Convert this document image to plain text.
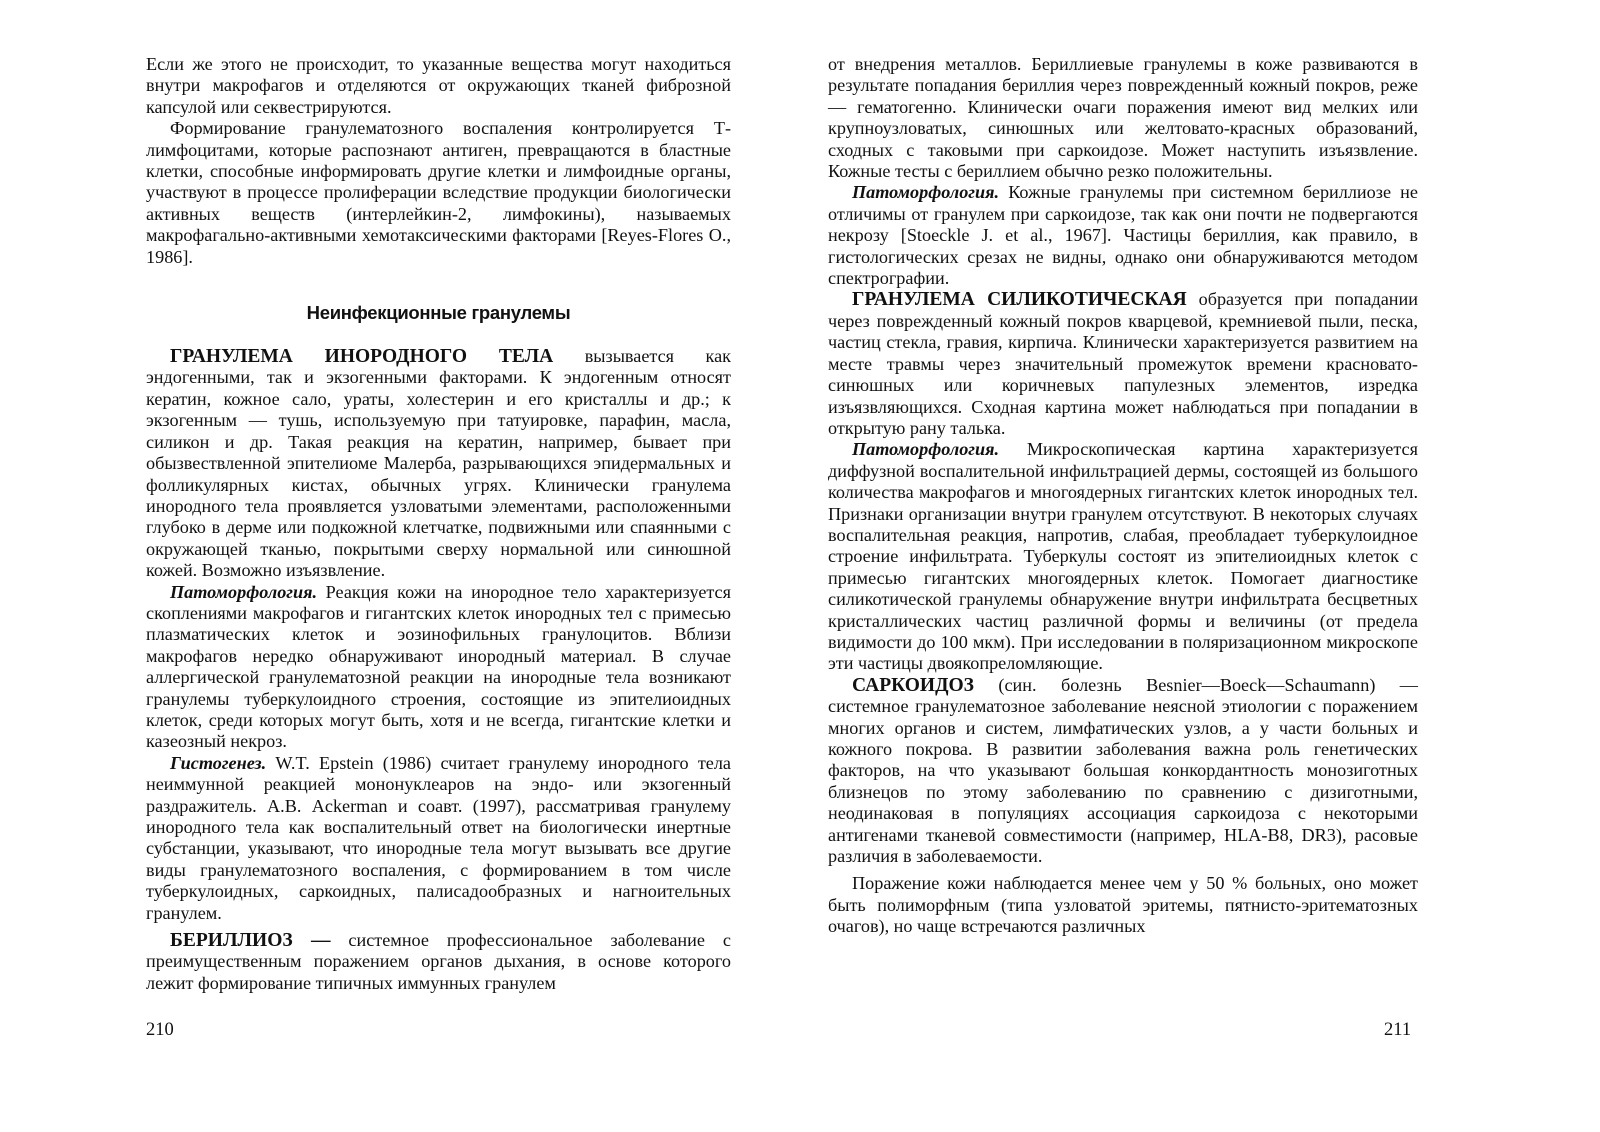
Если же этого не происходит, то указанные вещества могут находиться внутри макрофагов и отделяются от окружающих тканей фиброзной капсулой или секвестрируются.

Формирование гранулематозного воспаления контролируется Т-лимфоцитами, которые распознают антиген, превращаются в бластные клетки, способные информировать другие клетки и лимфоидные органы, участвуют в процессе пролиферации вследствие продукции биологически активных веществ (интерлейкин-2, лимфокины), называемых макрофагально-активными хемотаксическими факторами [Reyes-Flores О., 1986].

Неинфекционные гранулемы

ГРАНУЛЕМА ИНОРОДНОГО ТЕЛА вызывается как эндогенными, так и экзогенными факторами. К эндогенным относят кератин, кожное сало, ураты, холестерин и его кристаллы и др.; к экзогенным — тушь, используемую при татуировке, парафин, масла, силикон и др. Такая реакция на кератин, например, бывает при обызвествленной эпителиоме Малерба, разрывающихся эпидермальных и фолликулярных кистах, обычных угрях. Клинически гранулема инородного тела проявляется узловатыми элементами, расположенными глубоко в дерме или подкожной клетчатке, подвижными или спаянными с окружающей тканью, покрытыми сверху нормальной или синюшной кожей. Возможно изъязвление.

Патоморфология. Реакция кожи на инородное тело характеризуется скоплениями макрофагов и гигантских клеток инородных тел с примесью плазматических клеток и эозинофильных гранулоцитов. Вблизи макрофагов нередко обнаруживают инородный материал. В случае аллергической гранулематозной реакции на инородные тела возникают гранулемы туберкулоидного строения, состоящие из эпителиоидных клеток, среди которых могут быть, хотя и не всегда, гигантские клетки и казеозный некроз.

Гистогенез. W.T. Epstein (1986) считает гранулему инородного тела неиммунной реакцией мононуклеаров на эндо- или экзогенный раздражитель. А.В. Ackerman и соавт. (1997), рассматривая гранулему инородного тела как воспалительный ответ на биологически инертные субстанции, указывают, что инородные тела могут вызывать все другие виды гранулематозного воспаления, с формированием в том числе туберкулоидных, саркоидных, палисадообразных и нагноительных гранулем.

БЕРИЛЛИОЗ — системное профессиональное заболевание с преимущественным поражением органов дыхания, в основе которого лежит формирование типичных иммунных гранулем

от внедрения металлов. Бериллиевые гранулемы в коже развиваются в результате попадания бериллия через поврежденный кожный покров, реже — гематогенно. Клинически очаги поражения имеют вид мелких или крупноузловатых, синюшных или желтовато-красных образований, сходных с таковыми при саркоидозе. Может наступить изъязвление. Кожные тесты с бериллием обычно резко положительны.

Патоморфология. Кожные гранулемы при системном бериллиозе не отличимы от гранулем при саркоидозе, так как они почти не подвергаются некрозу [Stoeckle J. et al., 1967]. Частицы бериллия, как правило, в гистологических срезах не видны, однако они обнаруживаются методом спектрографии.

ГРАНУЛЕМА СИЛИКОТИЧЕСКАЯ образуется при попадании через поврежденный кожный покров кварцевой, кремниевой пыли, песка, частиц стекла, гравия, кирпича. Клинически характеризуется развитием на месте травмы через значительный промежуток времени красновато-синюшных или коричневых папулезных элементов, изредка изъязвляющихся. Сходная картина может наблюдаться при попадании в открытую рану талька.

Патоморфология. Микроскопическая картина характеризуется диффузной воспалительной инфильтрацией дермы, состоящей из большого количества макрофагов и многоядерных гигантских клеток инородных тел. Признаки организации внутри гранулем отсутствуют. В некоторых случаях воспалительная реакция, напротив, слабая, преобладает туберкулоидное строение инфильтрата. Туберкулы состоят из эпителиоидных клеток с примесью гигантских многоядерных клеток. Помогает диагностике силикотической гранулемы обнаружение внутри инфильтрата бесцветных кристаллических частиц различной формы и величины (от предела видимости до 100 мкм). При исследовании в поляризационном микроскопе эти частицы двоякопреломляющие.

САРКОИДОЗ (син. болезнь Besnier—Boeck—Schaumann) — системное гранулематозное заболевание неясной этиологии с поражением многих органов и систем, лимфатических узлов, а у части больных и кожного покрова. В развитии заболевания важна роль генетических факторов, на что указывают большая конкордантность монозиготных близнецов по этому заболеванию по сравнению с дизиготными, неодинаковая в популяциях ассоциация саркоидоза с некоторыми антигенами тканевой совместимости (например, HLA-B8, DR3), расовые различия в заболеваемости.

Поражение кожи наблюдается менее чем у 50 % больных, оно может быть полиморфным (типа узловатой эритемы, пятнисто-эритематозных очагов), но чаще встречаются различных

210	211
